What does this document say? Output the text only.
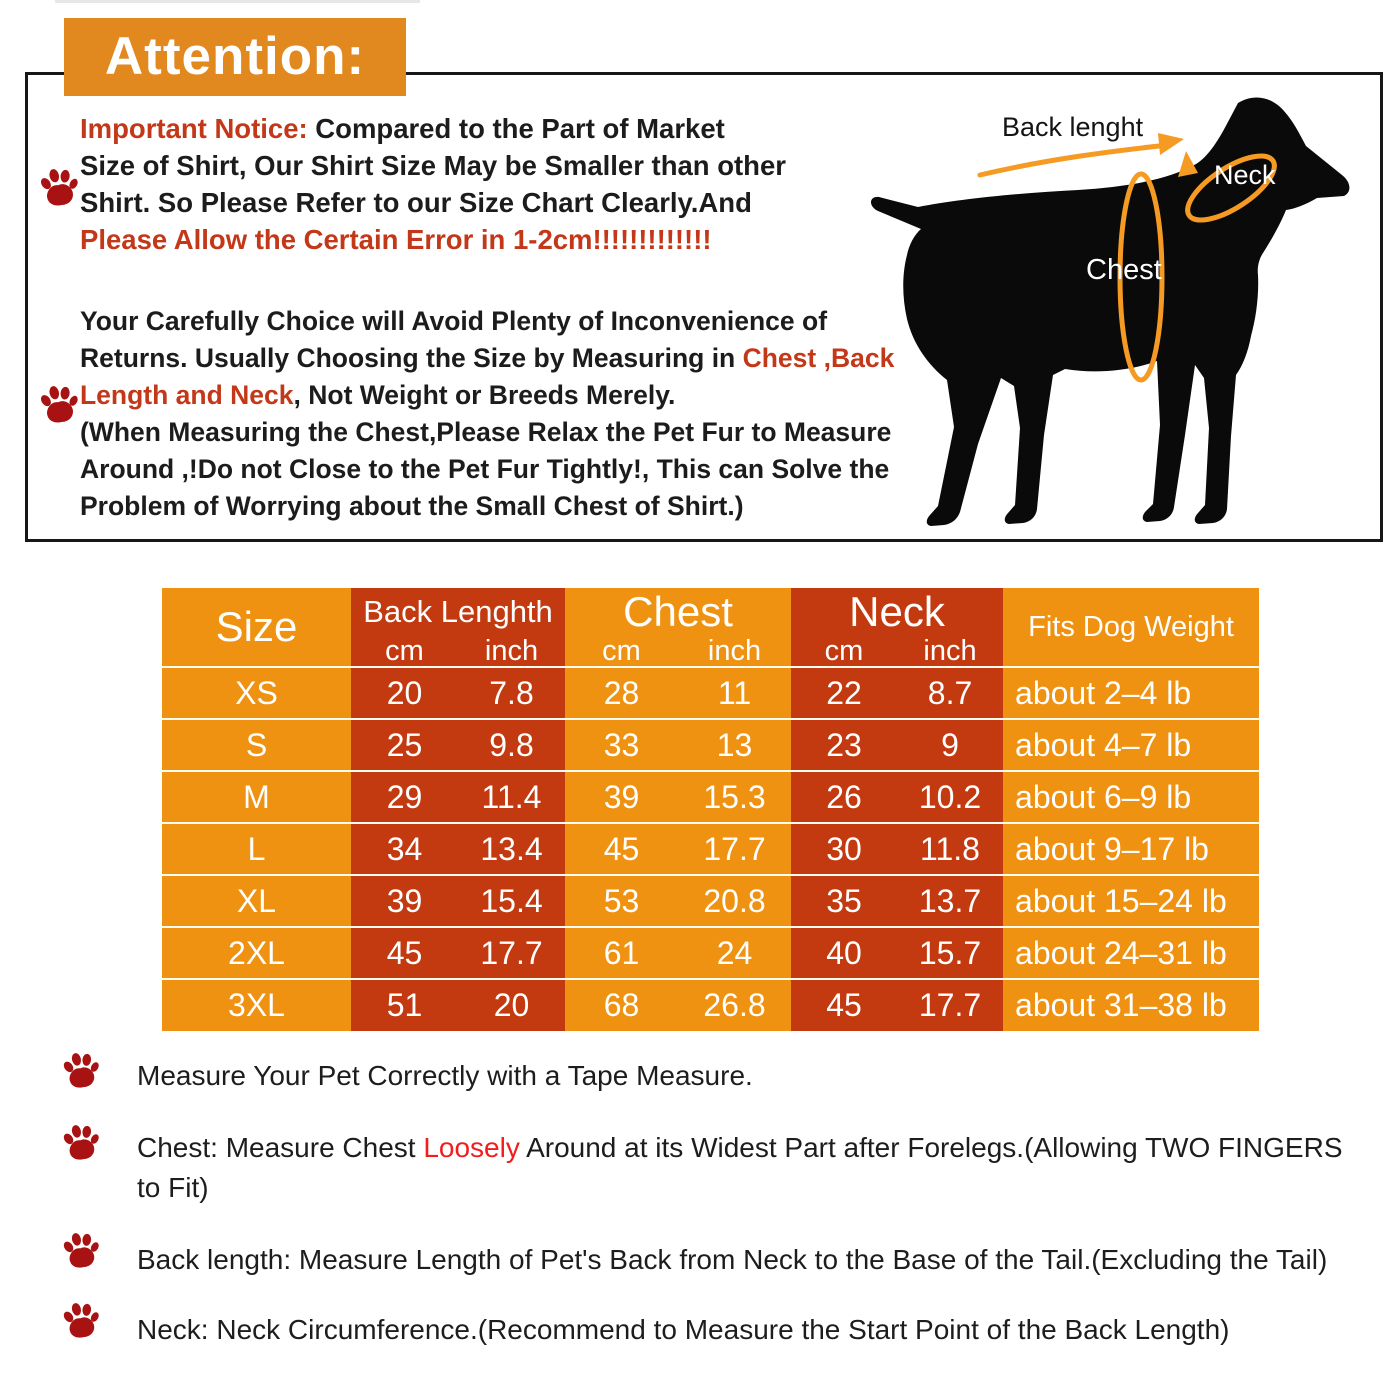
Attention:
Important Notice: Compared to the Part of Market
Size of Shirt, Our Shirt Size May be Smaller than other
Shirt. So Please Refer to our Size Chart Clearly.And
Please Allow the Certain Error in 1-2cm!!!!!!!!!!!!!
Your Carefully Choice will Avoid Plenty of Inconvenience of
Returns. Usually Choosing the Size by Measuring in Chest ,Back
Length and Neck, Not Weight or Breeds Merely.
(When Measuring the Chest,Please Relax the Pet Fur to Measure
Around ,!Do not Close to the Pet Fur Tightly!, This can Solve the
Problem of Worrying about the Small Chest of Shirt.)
Back lenght
Neck
Chest
Size	Back Lenghth		Chest		Neck		Fits Dog Weight
	cm	inch	cm	inch	cm	inch	
XS	20	7.8	28	11	22	8.7	about 2–4 lb
S	25	9.8	33	13	23	9	about 4–7 lb
M	29	11.4	39	15.3	26	10.2	about 6–9 lb
L	34	13.4	45	17.7	30	11.8	about 9–17 lb
XL	39	15.4	53	20.8	35	13.7	about 15–24 lb
2XL	45	17.7	61	24	40	15.7	about 24–31 lb
3XL	51	20	68	26.8	45	17.7	about 31–38 lb
Measure Your Pet Correctly with a Tape Measure.
Chest: Measure Chest Loosely Around at its Widest Part after Forelegs.(Allowing TWO FINGERS to Fit)
Back length: Measure Length of Pet's Back from Neck to the Base of the Tail.(Excluding the Tail)
Neck: Neck Circumference.(Recommend to Measure the Start Point of the Back Length)
